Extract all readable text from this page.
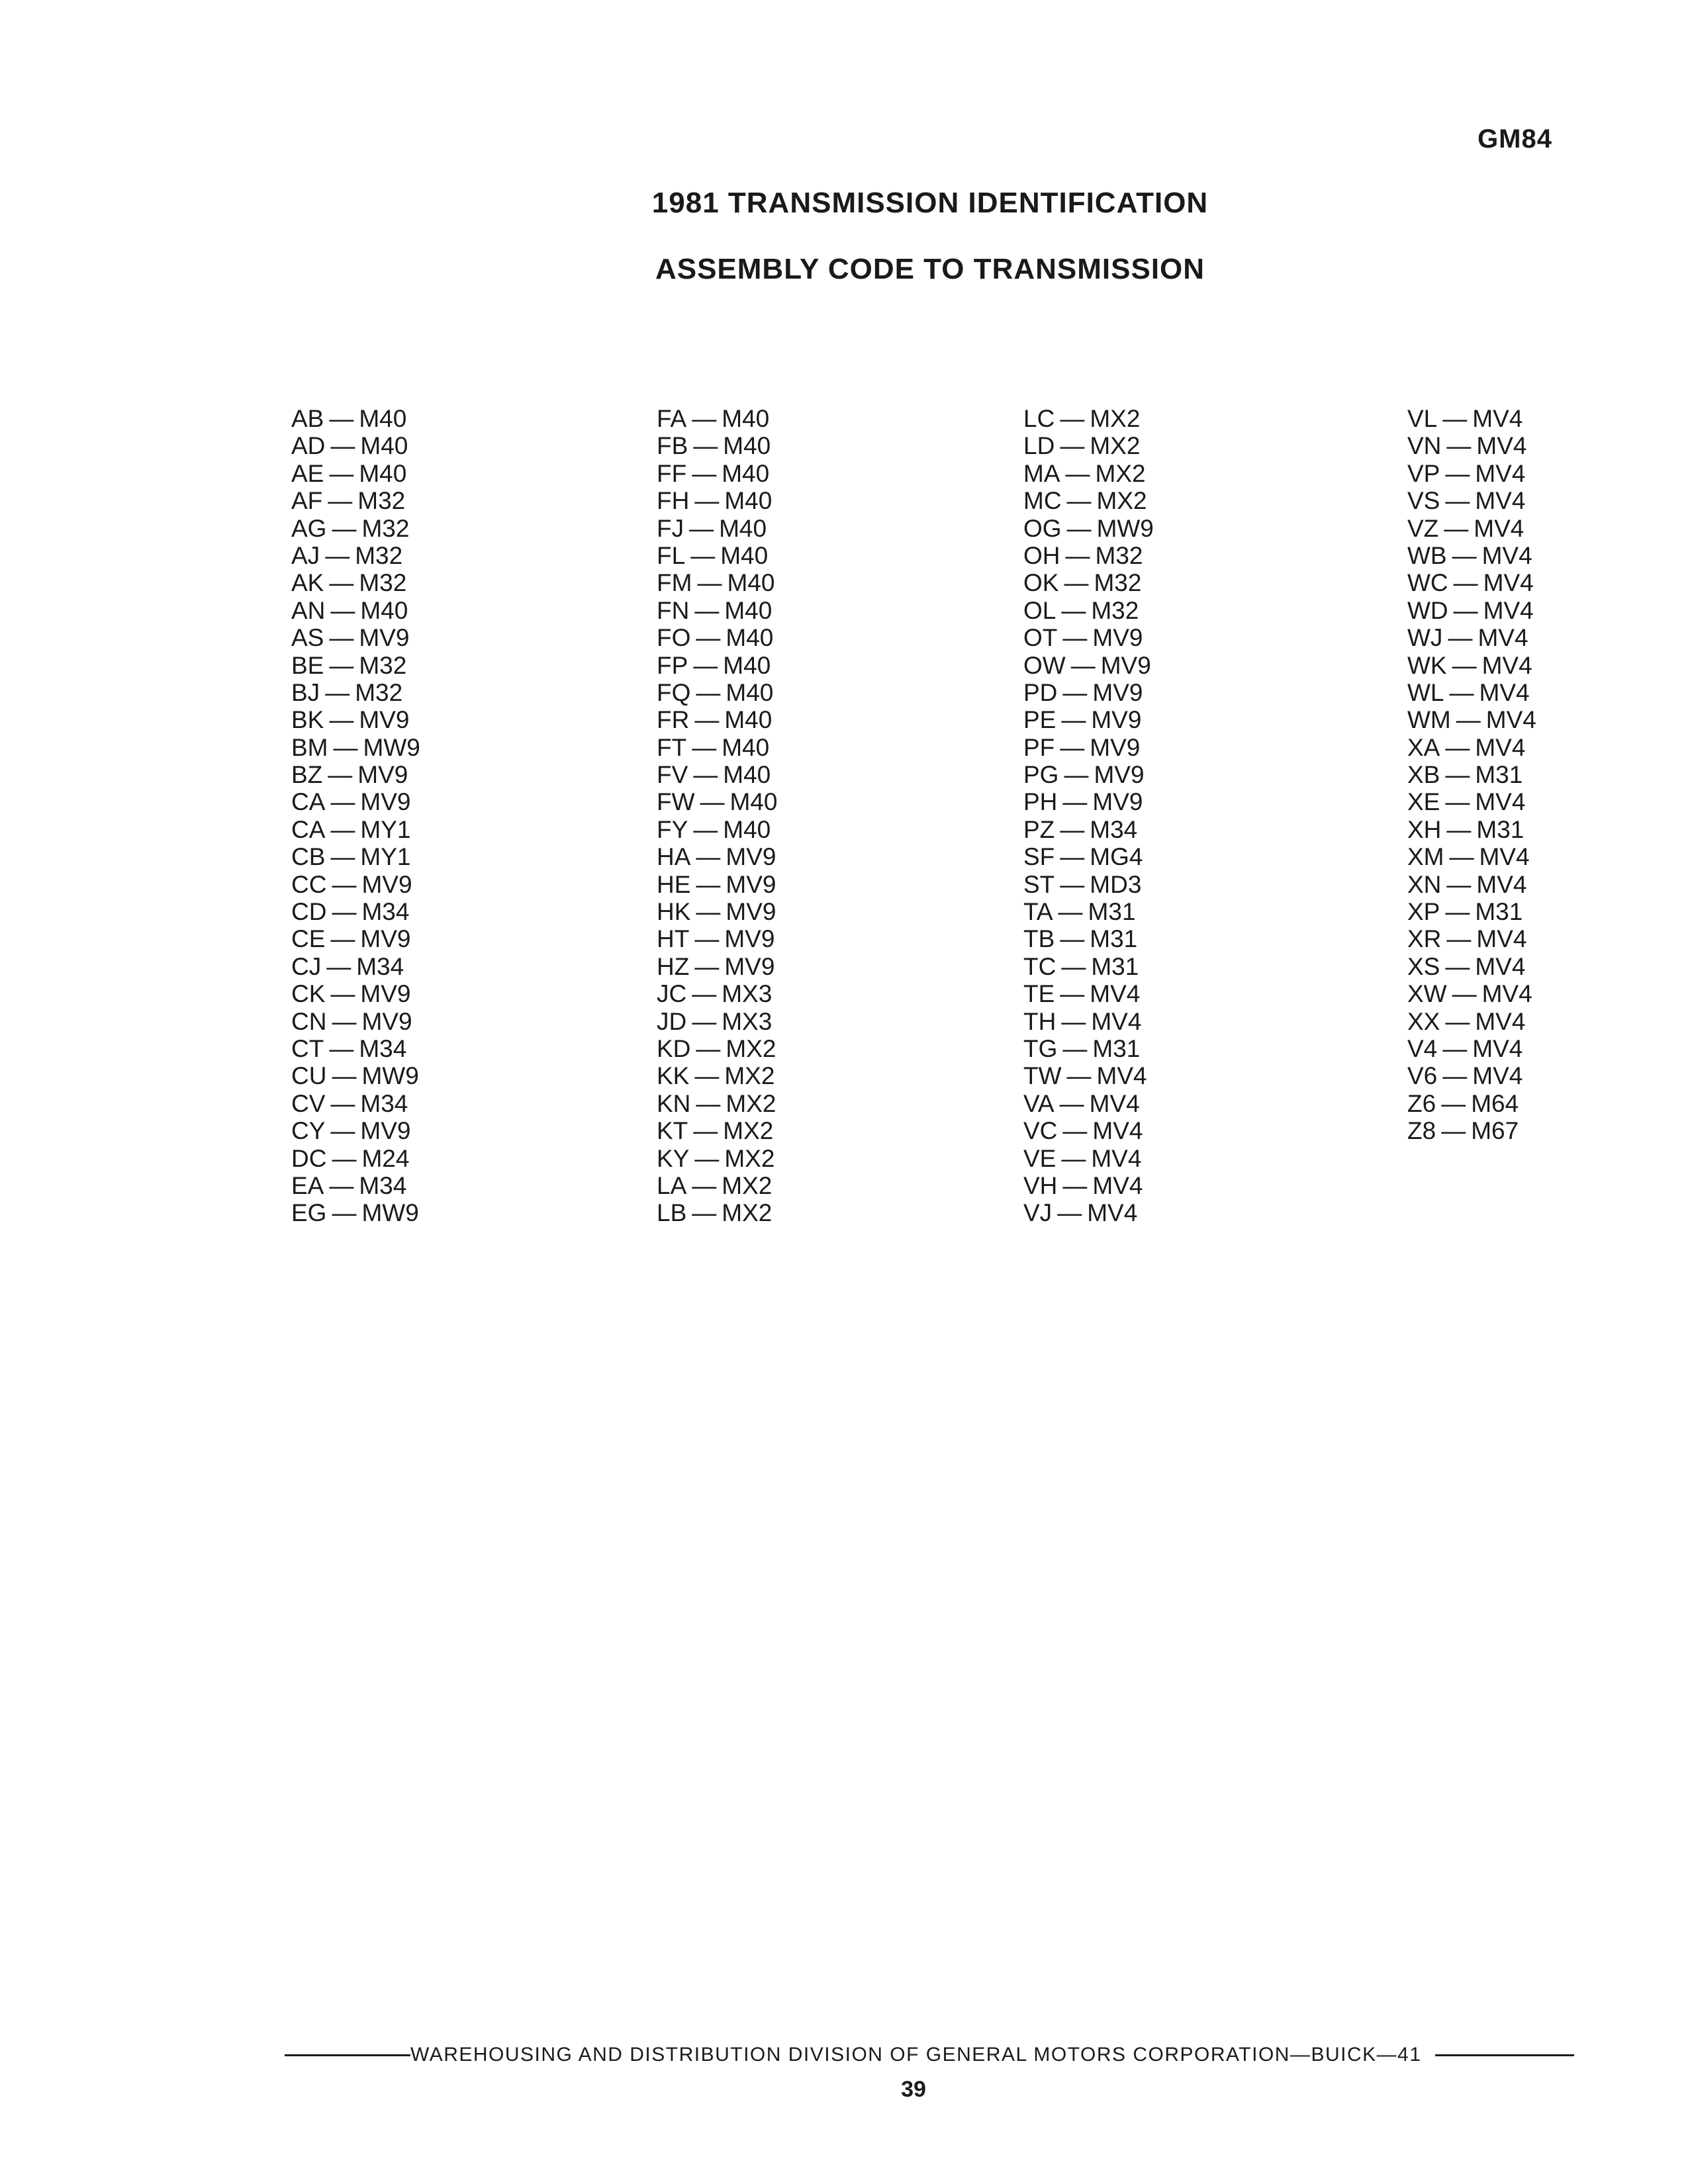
GM84
1981 TRANSMISSION IDENTIFICATION
ASSEMBLY CODE TO TRANSMISSION
AB — M40
AD — M40
AE — M40
AF — M32
AG — M32
AJ — M32
AK — M32
AN — M40
AS — MV9
BE — M32
BJ — M32
BK — MV9
BM — MW9
BZ — MV9
CA — MV9
CA — MY1
CB — MY1
CC — MV9
CD — M34
CE — MV9
CJ — M34
CK — MV9
CN — MV9
CT — M34
CU — MW9
CV — M34
CY — MV9
DC — M24
EA — M34
EG — MW9
FA — M40
FB — M40
FF — M40
FH — M40
FJ — M40
FL — M40
FM — M40
FN — M40
FO — M40
FP — M40
FQ — M40
FR — M40
FT — M40
FV — M40
FW — M40
FY — M40
HA — MV9
HE — MV9
HK — MV9
HT — MV9
HZ — MV9
JC — MX3
JD — MX3
KD — MX2
KK — MX2
KN — MX2
KT — MX2
KY — MX2
LA — MX2
LB — MX2
LC — MX2
LD — MX2
MA — MX2
MC — MX2
OG — MW9
OH — M32
OK — M32
OL — M32
OT — MV9
OW — MV9
PD — MV9
PE — MV9
PF — MV9
PG — MV9
PH — MV9
PZ — M34
SF — MG4
ST — MD3
TA — M31
TB — M31
TC — M31
TE — MV4
TH — MV4
TG — M31
TW — MV4
VA — MV4
VC — MV4
VE — MV4
VH — MV4
VJ — MV4
VL — MV4
VN — MV4
VP — MV4
VS — MV4
VZ — MV4
WB — MV4
WC — MV4
WD — MV4
WJ — MV4
WK — MV4
WL — MV4
WM — MV4
XA — MV4
XB — M31
XE — MV4
XH — M31
XM — MV4
XN — MV4
XP — M31
XR — MV4
XS — MV4
XW — MV4
XX — MV4
V4 — MV4
V6 — MV4
Z6 — M64
Z8 — M67
WAREHOUSING AND DISTRIBUTION DIVISION OF GENERAL MOTORS CORPORATION—BUICK—41
39
